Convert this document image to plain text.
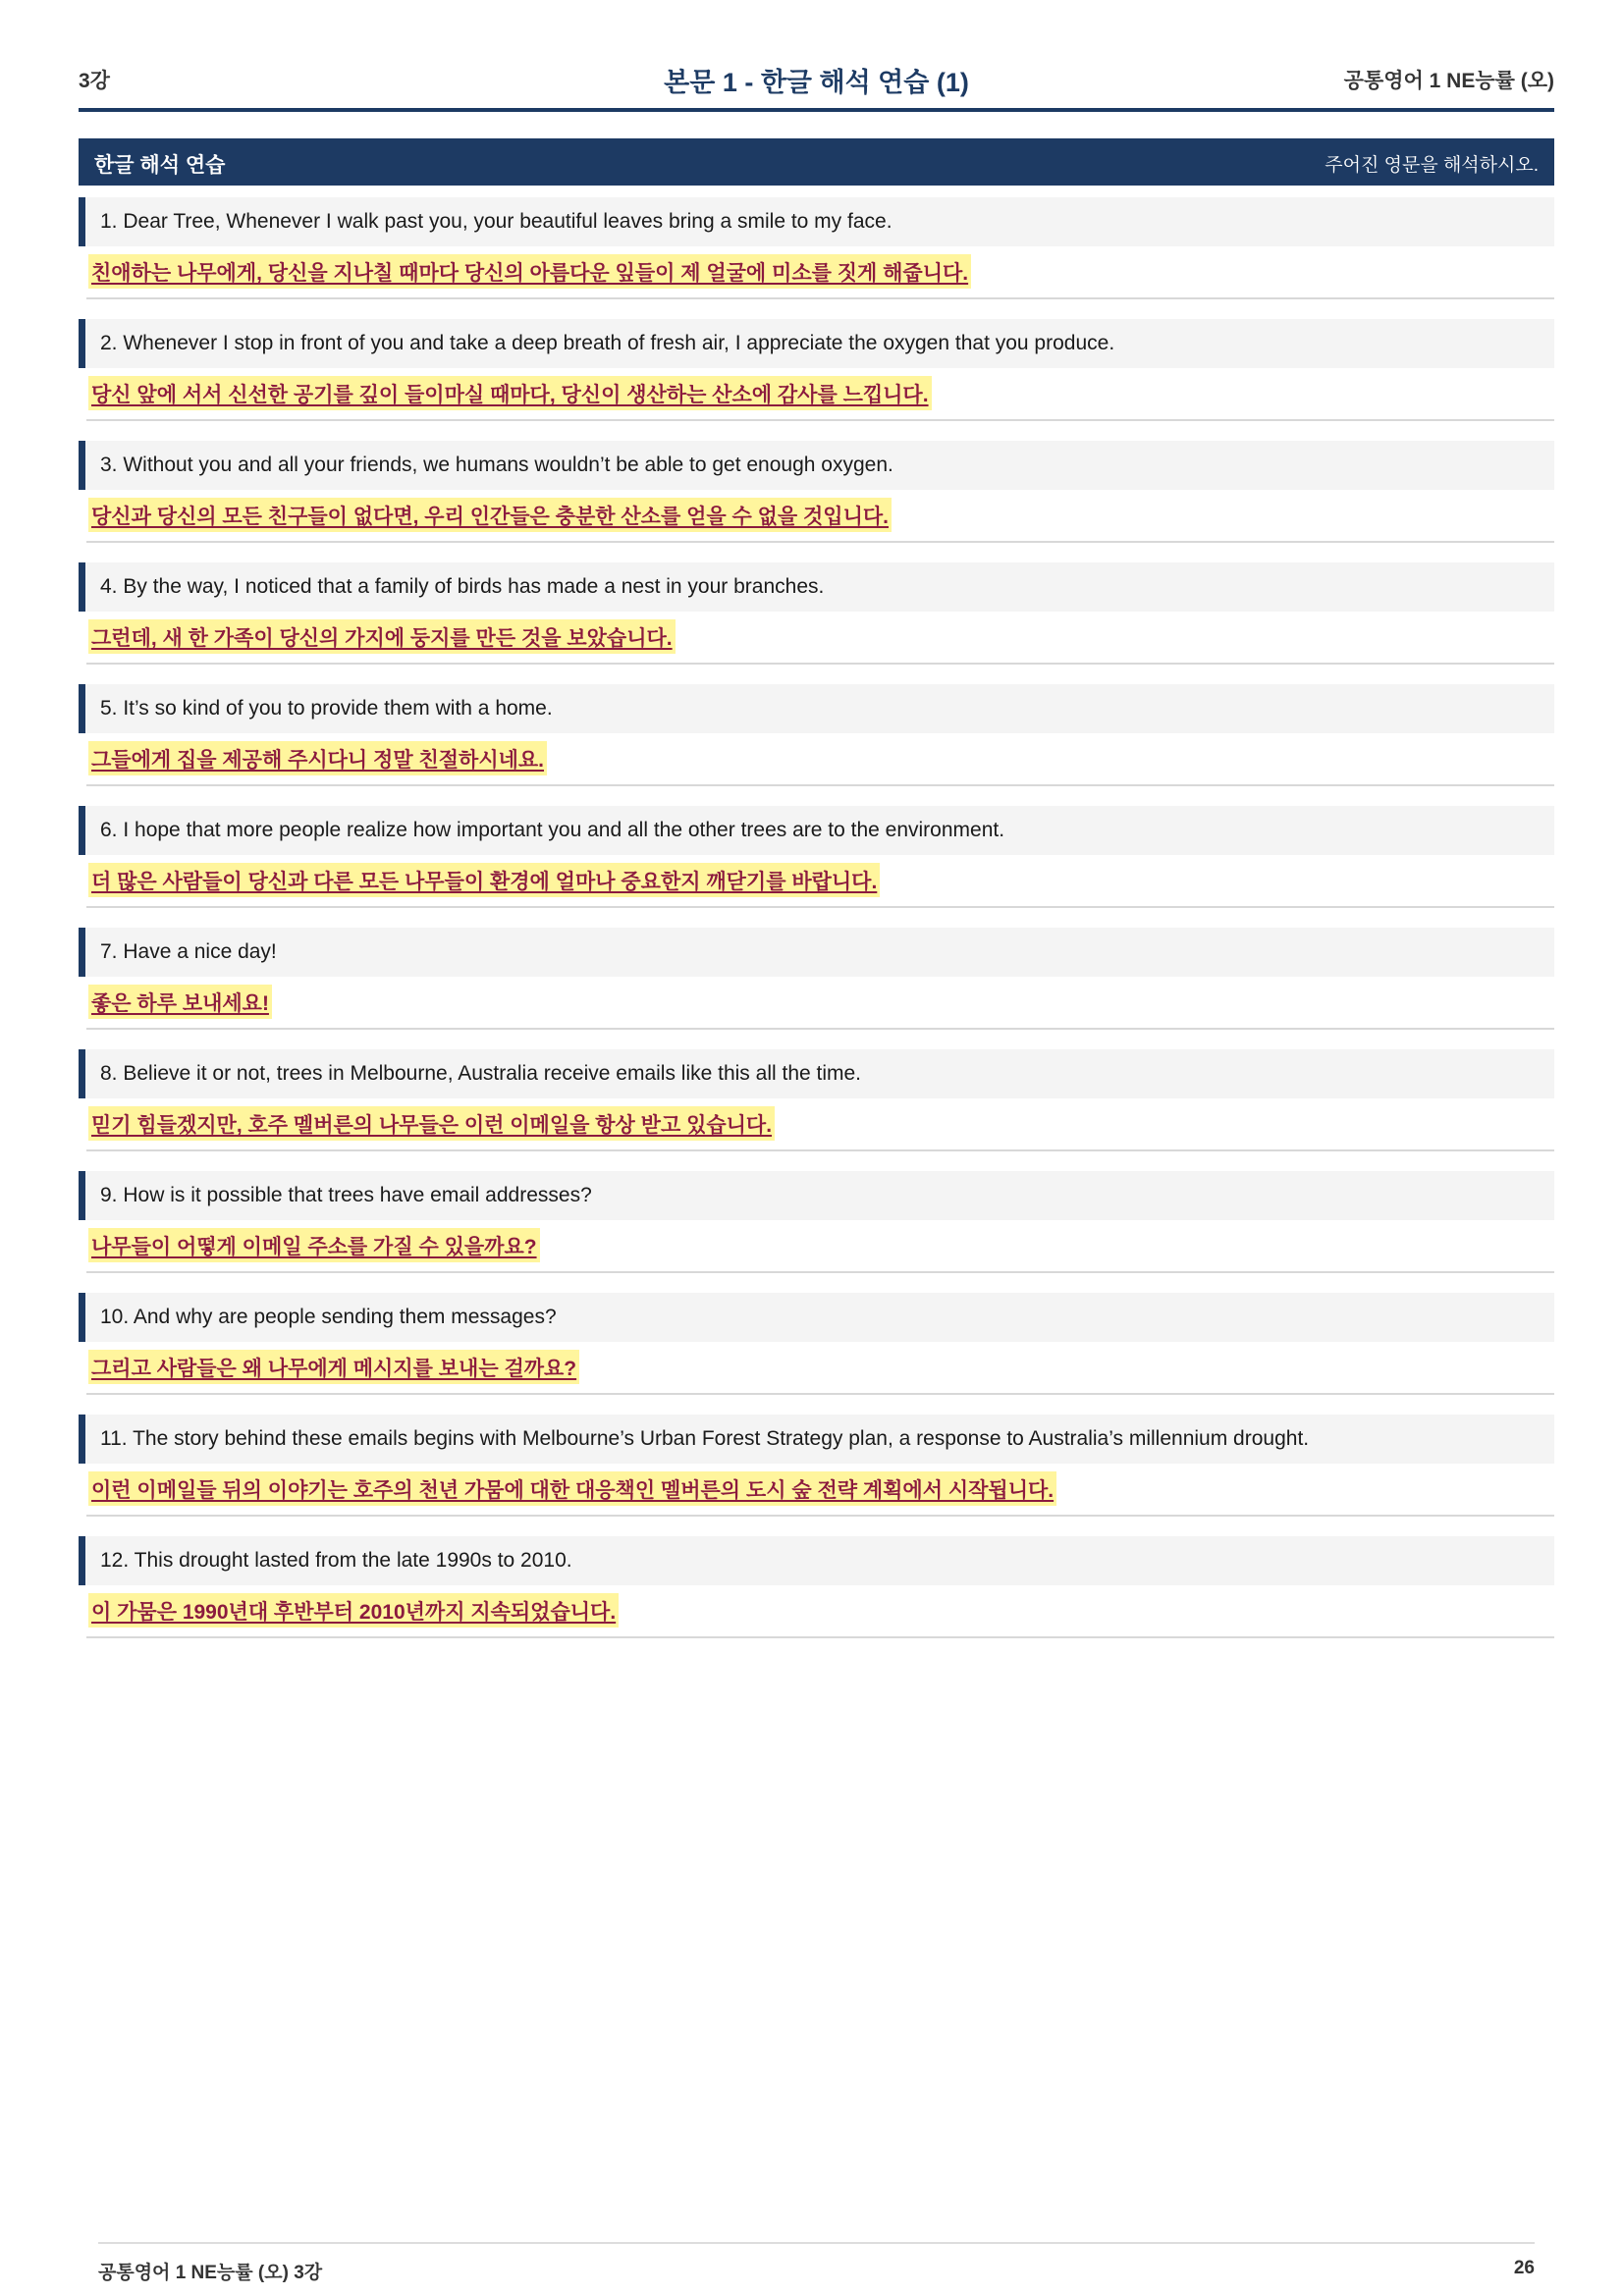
3강	본문 1 - 한글 해석 연습 (1)	공통영어 1 NE능률 (오)
한글 해석 연습	주어진 영문을 해석하시오.
1. Dear Tree, Whenever I walk past you, your beautiful leaves bring a smile to my face.
친애하는 나무에게, 당신을 지나칠 때마다 당신의 아름다운 잎들이 제 얼굴에 미소를 짓게 해줍니다.
2. Whenever I stop in front of you and take a deep breath of fresh air, I appreciate the oxygen that you produce.
당신 앞에 서서 신선한 공기를 깊이 들이마실 때마다, 당신이 생산하는 산소에 감사를 느낍니다.
3. Without you and all your friends, we humans wouldn’t be able to get enough oxygen.
당신과 당신의 모든 친구들이 없다면, 우리 인간들은 충분한 산소를 얻을 수 없을 것입니다.
4. By the way, I noticed that a family of birds has made a nest in your branches.
그런데, 새 한 가족이 당신의 가지에 둥지를 만든 것을 보았습니다.
5. It’s so kind of you to provide them with a home.
그들에게 집을 제공해 주시다니 정말 친절하시네요.
6. I hope that more people realize how important you and all the other trees are to the environment.
더 많은 사람들이 당신과 다른 모든 나무들이 환경에 얼마나 중요한지 깨닫기를 바랍니다.
7. Have a nice day!
좋은 하루 보내세요!
8. Believe it or not, trees in Melbourne, Australia receive emails like this all the time.
믿기 힘들겠지만, 호주 멜버른의 나무들은 이런 이메일을 항상 받고 있습니다.
9. How is it possible that trees have email addresses?
나무들이 어떻게 이메일 주소를 가질 수 있을까요?
10. And why are people sending them messages?
그리고 사람들은 왜 나무에게 메시지를 보내는 걸까요?
11. The story behind these emails begins with Melbourne’s Urban Forest Strategy plan, a response to Australia’s millennium drought.
이런 이메일들 뒤의 이야기는 호주의 천년 가뭄에 대한 대응책인 멜버른의 도시 숲 전략 계획에서 시작됩니다.
12. This drought lasted from the late 1990s to 2010.
이 가뭄은 1990년대 후반부터 2010년까지 지속되었습니다.
공통영어 1 NE능률 (오) 3강	26
